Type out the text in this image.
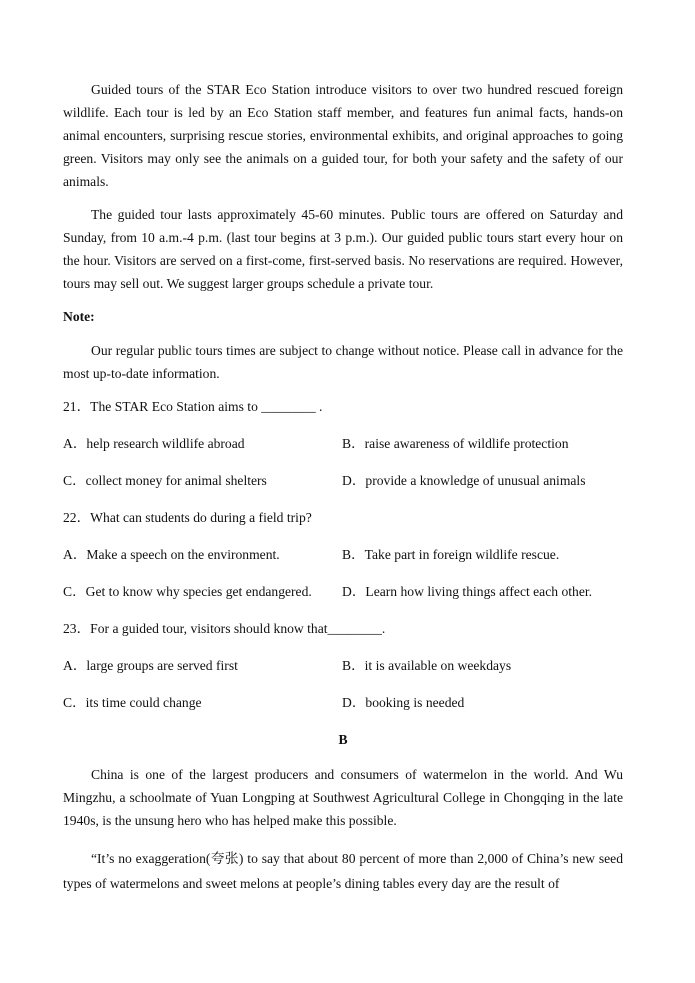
Guided tours of the STAR Eco Station introduce visitors to over two hundred rescued foreign wildlife. Each tour is led by an Eco Station staff member, and features fun animal facts, hands-on animal encounters, surprising rescue stories, environmental exhibits, and original approaches to going green. Visitors may only see the animals on a guided tour, for both your safety and the safety of our animals.

The guided tour lasts approximately 45-60 minutes. Public tours are offered on Saturday and Sunday, from 10 a.m.-4 p.m. (last tour begins at 3 p.m.). Our guided public tours start every hour on the hour. Visitors are served on a first-come, first-served basis. No reservations are required. However, tours may sell out. We suggest larger groups schedule a private tour.

Note:

Our regular public tours times are subject to change without notice. Please call in advance for the most up-to-date information.

21．The STAR Eco Station aims to ________ .

A．help research wildlife abroad	B．raise awareness of wildlife protection
C．collect money for animal shelters	D．provide a knowledge of unusual animals

22．What can students do during a field trip?

A．Make a speech on the environment.	B．Take part in foreign wildlife rescue.
C．Get to know why species get endangered.	D．Learn how living things affect each other.

23．For a guided tour, visitors should know that________.

A．large groups are served first	B．it is available on weekdays
C．its time could change	D．booking is needed

B

China is one of the largest producers and consumers of watermelon in the world. And Wu Mingzhu, a schoolmate of Yuan Longping at Southwest Agricultural College in Chongqing in the late 1940s, is the unsung hero who has helped make this possible.

“It’s no exaggeration(夸张) to say that about 80 percent of more than 2,000 of China’s new seed types of watermelons and sweet melons at people’s dining tables every day are the result of
